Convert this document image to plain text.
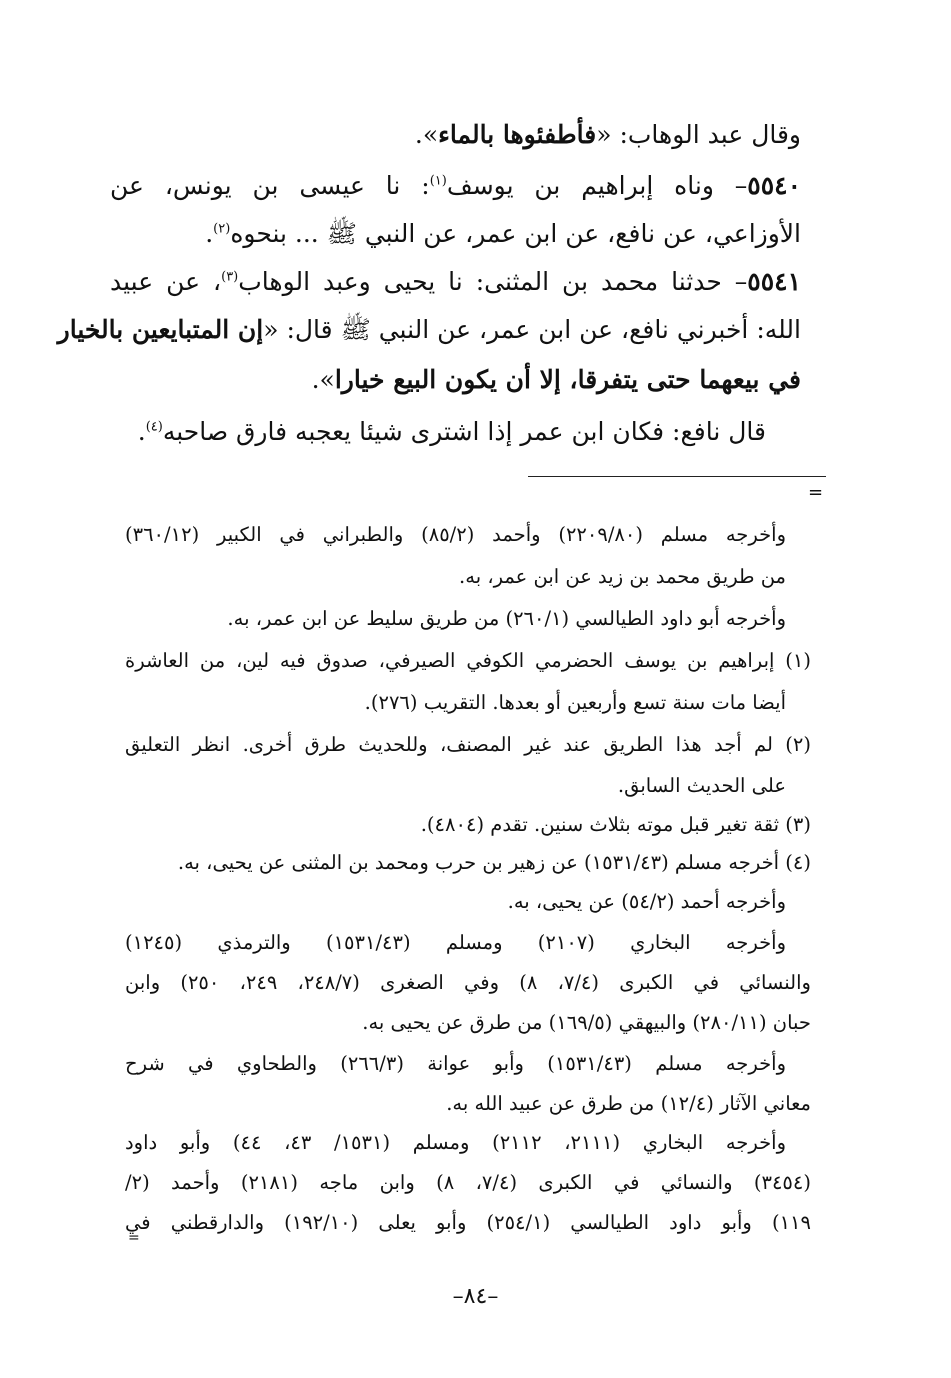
وقال عبد الوهاب: «فأطفئوها بالماء».
٥٥٤٠– وناه إبراهيم بن يوسف$^{(١)}$: نا عيسى بن يونس، عن
الأوزاعي، عن نافع، عن ابن عمر، عن النبي ﷺ ... بنحوه$^{(٢)}$.
٥٥٤١– حدثنا محمد بن المثنى: نا يحيى وعبد الوهاب$^{(٣)}$، عن عبيد
الله: أخبرني نافع، عن ابن عمر، عن النبي ﷺ قال: «إن المتبايعين بالخيار
في بيعهما حتى يتفرقا، إلا أن يكون البيع خيارا».
قال نافع: فكان ابن عمر إذا اشترى شيئا يعجبه فارق صاحبه$^{(٤)}$.
=
وأخرجه مسلم (٢٢٠٩/٨٠) وأحمد (٨٥/٢) والطبراني في الكبير (٣٦٠/١٢)
من طريق محمد بن زيد عن ابن عمر، به.
وأخرجه أبو داود الطيالسي (٢٦٠/١) من طريق سليط عن ابن عمر، به.
(١) إبراهيم بن يوسف الحضرمي الكوفي الصيرفي، صدوق فيه لين، من العاشرة
أيضا مات سنة تسع وأربعين أو بعدها. التقريب (٢٧٦).
(٢) لم أجد هذا الطريق عند غير المصنف، وللحديث طرق أخرى. انظر التعليق
على الحديث السابق.
(٣) ثقة تغير قبل موته بثلاث سنين. تقدم (٤٨٠٤).
(٤) أخرجه مسلم (١٥٣١/٤٣) عن زهير بن حرب ومحمد بن المثنى عن يحيى، به.
وأخرجه أحمد (٥٤/٢) عن يحيى، به.
وأخرجه البخاري (٢١٠٧) ومسلم (١٥٣١/٤٣) والترمذي (١٢٤٥)
والنسائي في الكبرى (٧/٤، ٨) وفي الصغرى (٢٤٨/٧، ٢٤٩، ٢٥٠) وابن
حبان (٢٨٠/١١) والبيهقي (١٦٩/٥) من طرق عن يحيى به.
وأخرجه مسلم (١٥٣١/٤٣) وأبو عوانة (٢٦٦/٣) والطحاوي في شرح
معاني الآثار (١٢/٤) من طرق عن عبيد الله به.
وأخرجه البخاري (٢١١١، ٢١١٢) ومسلم (١٥٣١/ ٤٣، ٤٤) وأبو داود
(٣٤٥٤) والنسائي في الكبرى (٧/٤، ٨) وابن ماجه (٢١٨١) وأحمد (٢/
١١٩) وأبو داود الطيالسي (٢٥٤/١) وأبو يعلى (١٩٢/١٠) والدارقطني في
=
–٨٤–
